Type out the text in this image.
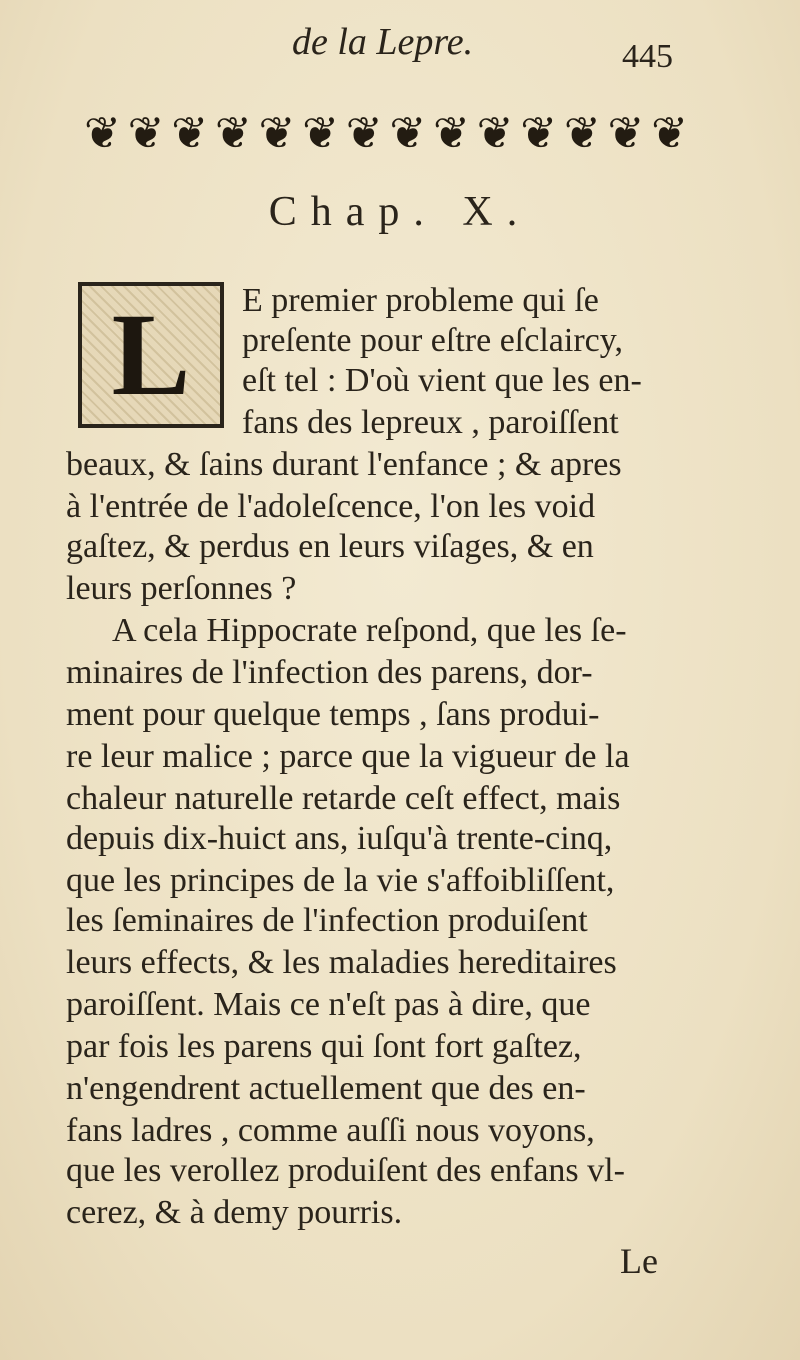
de la Lepre.	445
❦ ❦ ❦ ❦ ❦ ❦ ❦ ❦ ❦ ❦ ❦ ❦ ❦ ❦
Chap. X.
L E premier probleme qui ſe
preſente pour eſtre eſclaircy,
eſt tel : D'où vient que les en-
fans des lepreux , paroiſſent
beaux, & ſains durant l'enfance ; & apres
à l'entrée de l'adoleſcence, l'on les void
gaſtez, & perdus en leurs viſages, & en
leurs perſonnes ?
A cela Hippocrate reſpond, que les ſe-
minaires de l'infection des parens, dor-
ment pour quelque temps , ſans produi-
re leur malice ; parce que la vigueur de la
chaleur naturelle retarde ceſt effect, mais
depuis dix-huict ans, iuſqu'à trente-cinq,
que les principes de la vie s'affoibliſſent,
les ſeminaires de l'infection produiſent
leurs effects, & les maladies hereditaires
paroiſſent. Mais ce n'eſt pas à dire, que
par fois les parens qui ſont fort gaſtez,
n'engendrent actuellement que des en-
fans ladres , comme auſſi nous voyons,
que les verollez produiſent des enfans vl-
cerez, & à demy pourris.
Le
